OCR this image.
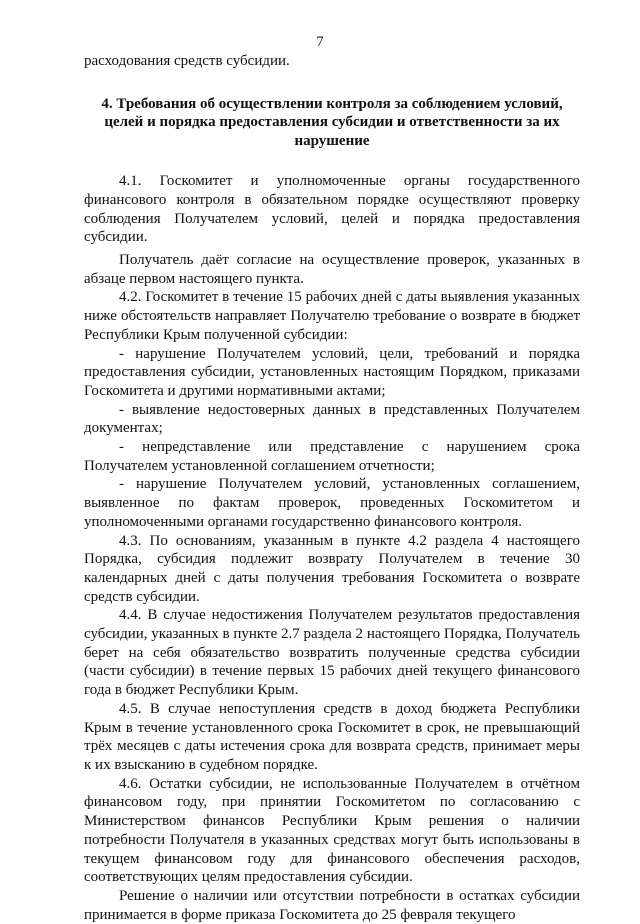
7

расходования средств субсидии.

4. Требования об осуществлении контроля за соблюдением условий, целей и порядка предоставления субсидии и ответственности за их нарушение

4.1. Госкомитет и уполномоченные органы государственного финансового контроля в обязательном порядке осуществляют проверку соблюдения Получателем условий, целей и порядка предоставления субсидии.

Получатель даёт согласие на осуществление проверок, указанных в абзаце первом настоящего пункта.

4.2. Госкомитет в течение 15 рабочих дней с даты выявления указанных ниже обстоятельств направляет Получателю требование о возврате в бюджет Республики Крым полученной субсидии:

- нарушение Получателем условий, цели, требований и порядка предоставления субсидии, установленных настоящим Порядком, приказами Госкомитета и другими нормативными актами;

- выявление недостоверных данных в представленных Получателем документах;

- непредставление или представление с нарушением срока Получателем установленной соглашением отчетности;

- нарушение Получателем условий, установленных соглашением, выявленное по фактам проверок, проведенных Госкомитетом и уполномоченными органами государственно финансового контроля.

4.3. По основаниям, указанным в пункте 4.2 раздела 4 настоящего Порядка, субсидия подлежит возврату Получателем в течение 30 календарных дней с даты получения требования Госкомитета о возврате средств субсидии.

4.4. В случае недостижения Получателем результатов предоставления субсидии, указанных в пункте 2.7 раздела 2 настоящего Порядка, Получатель берет на себя обязательство возвратить полученные средства субсидии (части субсидии) в течение первых 15 рабочих дней текущего финансового года в бюджет Республики Крым.

4.5. В случае непоступления средств в доход бюджета Республики Крым в течение установленного срока Госкомитет в срок, не превышающий трёх месяцев с даты истечения срока для возврата средств, принимает меры к их взысканию в судебном порядке.

4.6. Остатки субсидии, не использованные Получателем в отчётном финансовом году, при принятии Госкомитетом по согласованию с Министерством финансов Республики Крым решения о наличии потребности Получателя в указанных средствах могут быть использованы в текущем финансовом году для финансового обеспечения расходов, соответствующих целям предоставления субсидии.

Решение о наличии или отсутствии потребности в остатках субсидии принимается в форме приказа Госкомитета до 25 февраля текущего
